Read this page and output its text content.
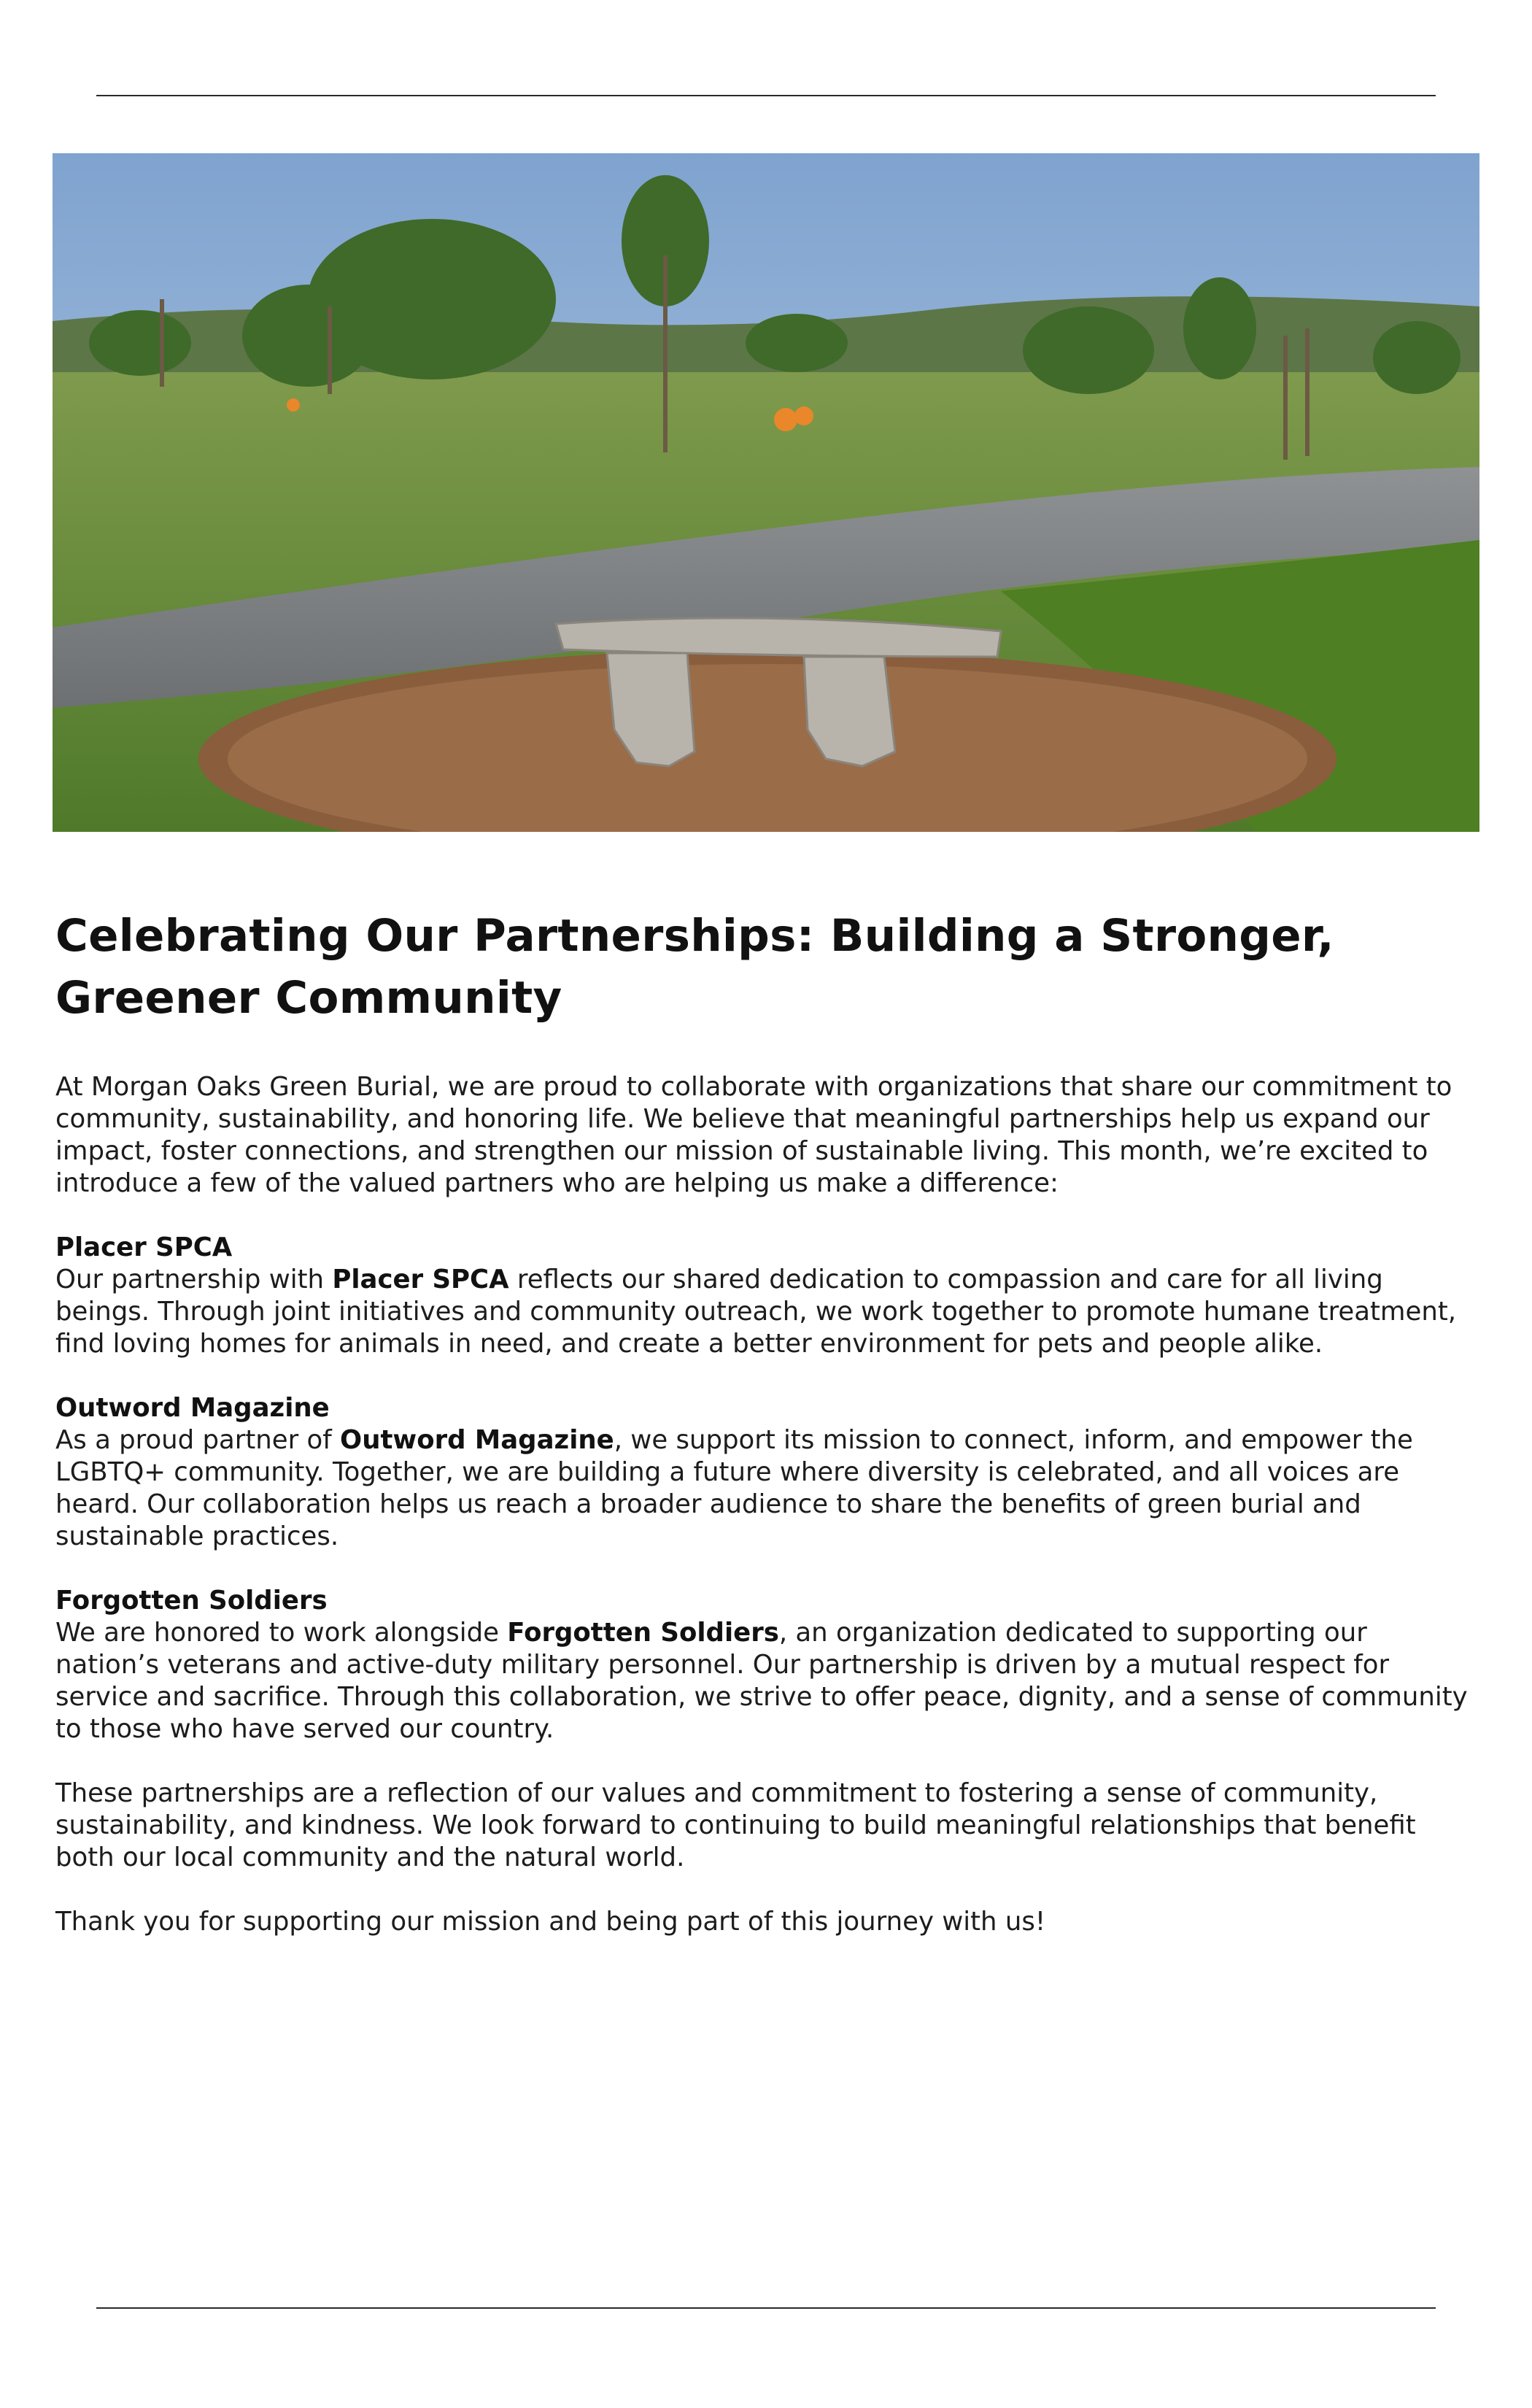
Celebrating Our Partnerships: Building a Stronger,
Greener Community

At Morgan Oaks Green Burial, we are proud to collaborate with organizations that share our commitment to community, sustainability, and honoring life. We believe that meaningful partnerships help us expand our impact, foster connections, and strengthen our mission of sustainable living. This month, we’re excited to introduce a few of the valued partners who are helping us make a difference:

Placer SPCA
Our partnership with Placer SPCA reflects our shared dedication to compassion and care for all living beings. Through joint initiatives and community outreach, we work together to promote humane treatment, find loving homes for animals in need, and create a better environment for pets and people alike.

Outword Magazine
As a proud partner of Outword Magazine, we support its mission to connect, inform, and empower the LGBTQ+ community. Together, we are building a future where diversity is celebrated, and all voices are heard. Our collaboration helps us reach a broader audience to share the benefits of green burial and sustainable practices.

Forgotten Soldiers
We are honored to work alongside Forgotten Soldiers, an organization dedicated to supporting our nation’s veterans and active-duty military personnel. Our partnership is driven by a mutual respect for service and sacrifice. Through this collaboration, we strive to offer peace, dignity, and a sense of community to those who have served our country.

These partnerships are a reflection of our values and commitment to fostering a sense of community, sustainability, and kindness. We look forward to continuing to build meaningful relationships that benefit both our local community and the natural world.

Thank you for supporting our mission and being part of this journey with us!
